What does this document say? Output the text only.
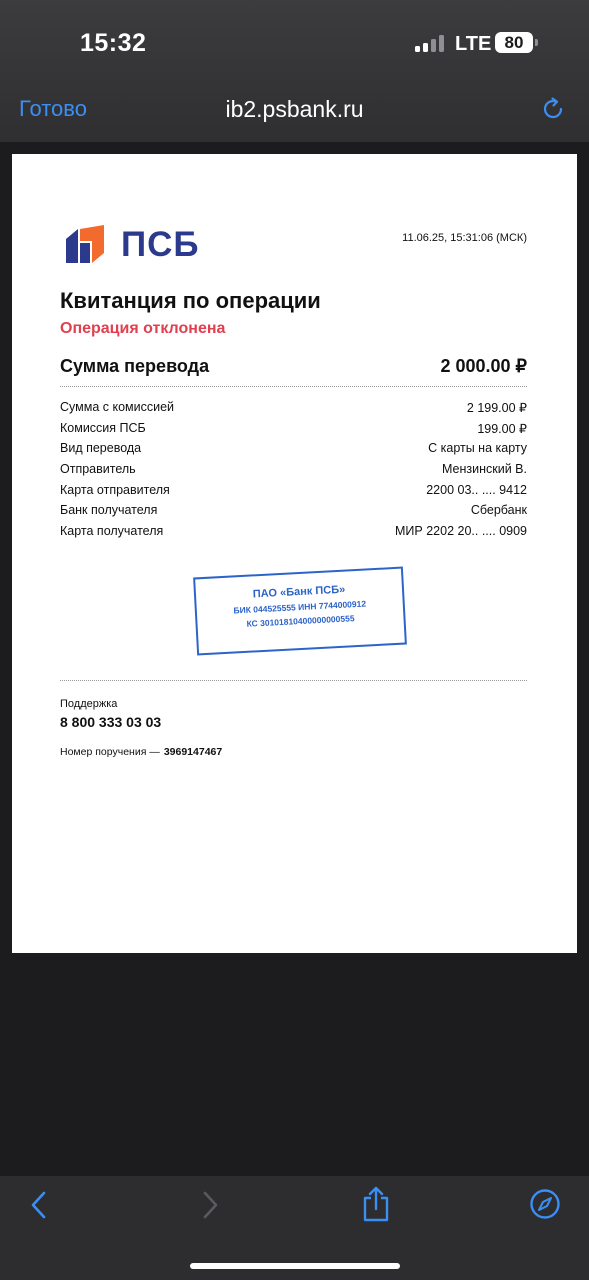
15:32	LTE 80
Готово	ib2.psbank.ru
ПСБ	11.06.25, 15:31:06 (МСК)
Квитанция по операции
Операция отклонена
Сумма перевода	2 000.00 ₽
Сумма с комиссией	2 199.00 ₽
Комиссия ПСБ	199.00 ₽
Вид перевода	С карты на карту
Отправитель	Мензинский В.
Карта отправителя	2200 03.. .... 9412
Банк получателя	Сбербанк
Карта получателя	МИР 2202 20.. .... 0909
ПАО «Банк ПСБ»
БИК 044525555 ИНН 7744000912
КС 30101810400000000555
Поддержка
8 800 333 03 03
Номер поручения — 3969147467
